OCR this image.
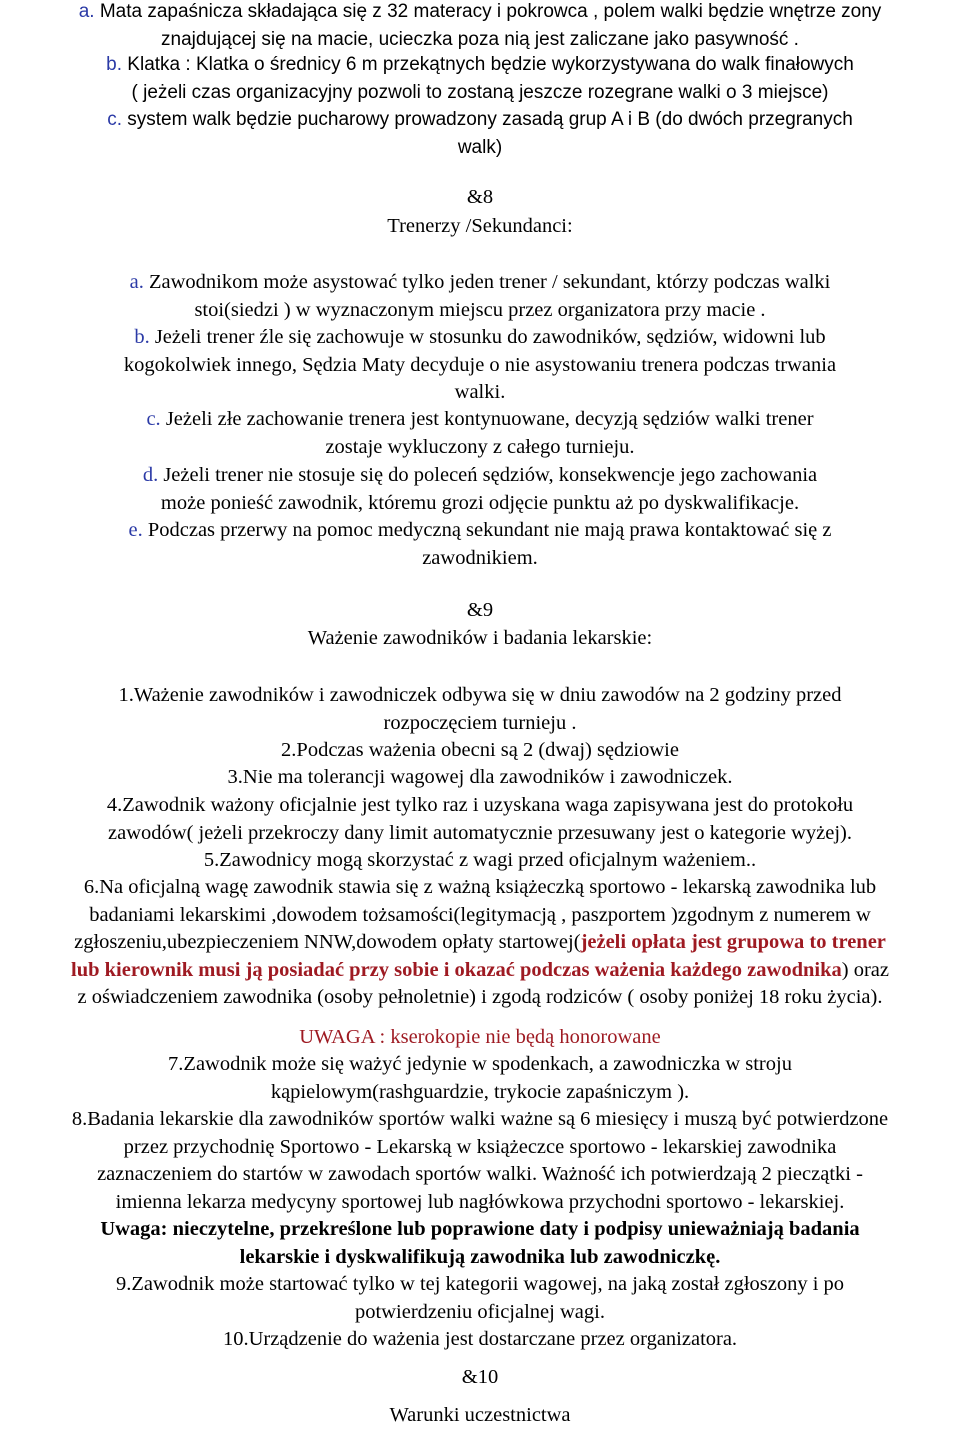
a. Mata zapaśnicza składająca się z 32 materacy i pokrowca , polem walki będzie wnętrze zony
znajdującej się na macie, ucieczka poza nią jest zaliczane jako pasywność .
b. Klatka : Klatka o średnicy 6 m przekątnych będzie wykorzystywana do walk finałowych
( jeżeli czas organizacyjny pozwoli to zostaną jeszcze rozegrane walki o 3 miejsce)
c. system walk będzie pucharowy prowadzony zasadą grup A i B (do dwóch przegranych
walk)
&8
Trenerzy /Sekundanci:
a. Zawodnikom może asystować tylko jeden trener / sekundant, którzy podczas walki
stoi(siedzi ) w wyznaczonym miejscu przez organizatora przy macie .
b. Jeżeli trener źle się zachowuje w stosunku do zawodników, sędziów, widowni lub
kogokolwiek innego, Sędzia Maty decyduje o nie asystowaniu trenera podczas trwania
walki.
c. Jeżeli złe zachowanie trenera jest kontynuowane, decyzją sędziów walki trener
zostaje wykluczony z całego turnieju.
d. Jeżeli trener nie stosuje się do poleceń sędziów, konsekwencje jego zachowania
może ponieść zawodnik, któremu grozi odjęcie punktu aż po dyskwalifikacje.
e. Podczas przerwy na pomoc medyczną sekundant nie mają prawa kontaktować się z
zawodnikiem.
&9
Ważenie zawodników i badania lekarskie:
1.Ważenie zawodników i zawodniczek odbywa się w dniu zawodów na 2 godziny przed
rozpoczęciem turnieju .
2.Podczas ważenia obecni są 2 (dwaj) sędziowie
3.Nie ma tolerancji wagowej dla zawodników i zawodniczek.
4.Zawodnik ważony oficjalnie jest tylko raz i uzyskana waga zapisywana jest do protokołu
zawodów( jeżeli przekroczy dany limit automatycznie przesuwany jest o kategorie wyżej).
5.Zawodnicy mogą skorzystać z wagi przed oficjalnym ważeniem..
6.Na oficjalną wagę zawodnik stawia się z ważną książeczką sportowo - lekarską zawodnika lub
badaniami lekarskimi ,dowodem tożsamości(legitymacją , paszportem )zgodnym z numerem w
zgłoszeniu,ubezpieczeniem NNW,dowodem opłaty startowej(jeżeli opłata jest grupowa to trener
lub kierownik musi ją posiadać przy sobie i okazać podczas ważenia każdego zawodnika) oraz
z oświadczeniem zawodnika (osoby pełnoletnie) i zgodą rodziców ( osoby poniżej 18 roku życia).
UWAGA : kserokopie nie będą honorowane
7.Zawodnik może się ważyć jedynie w spodenkach, a zawodniczka w stroju
kąpielowym(rashguardzie, trykocie zapaśniczym ).
8.Badania lekarskie dla zawodników sportów walki ważne są 6 miesięcy i muszą być potwierdzone
przez przychodnię Sportowo - Lekarską w książeczce sportowo - lekarskiej zawodnika
zaznaczeniem do startów w zawodach sportów walki. Ważność ich potwierdzają 2 pieczątki -
imienna lekarza medycyny sportowej lub nagłówkowa przychodni sportowo - lekarskiej.
Uwaga: nieczytelne, przekreślone lub poprawione daty i podpisy unieważniają badania
lekarskie i dyskwalifikują zawodnika lub zawodniczkę.
9.Zawodnik może startować tylko w tej kategorii wagowej, na jaką został zgłoszony i po
potwierdzeniu oficjalnej wagi.
10.Urządzenie do ważenia jest dostarczane przez organizatora.
&10
Warunki uczestnictwa
